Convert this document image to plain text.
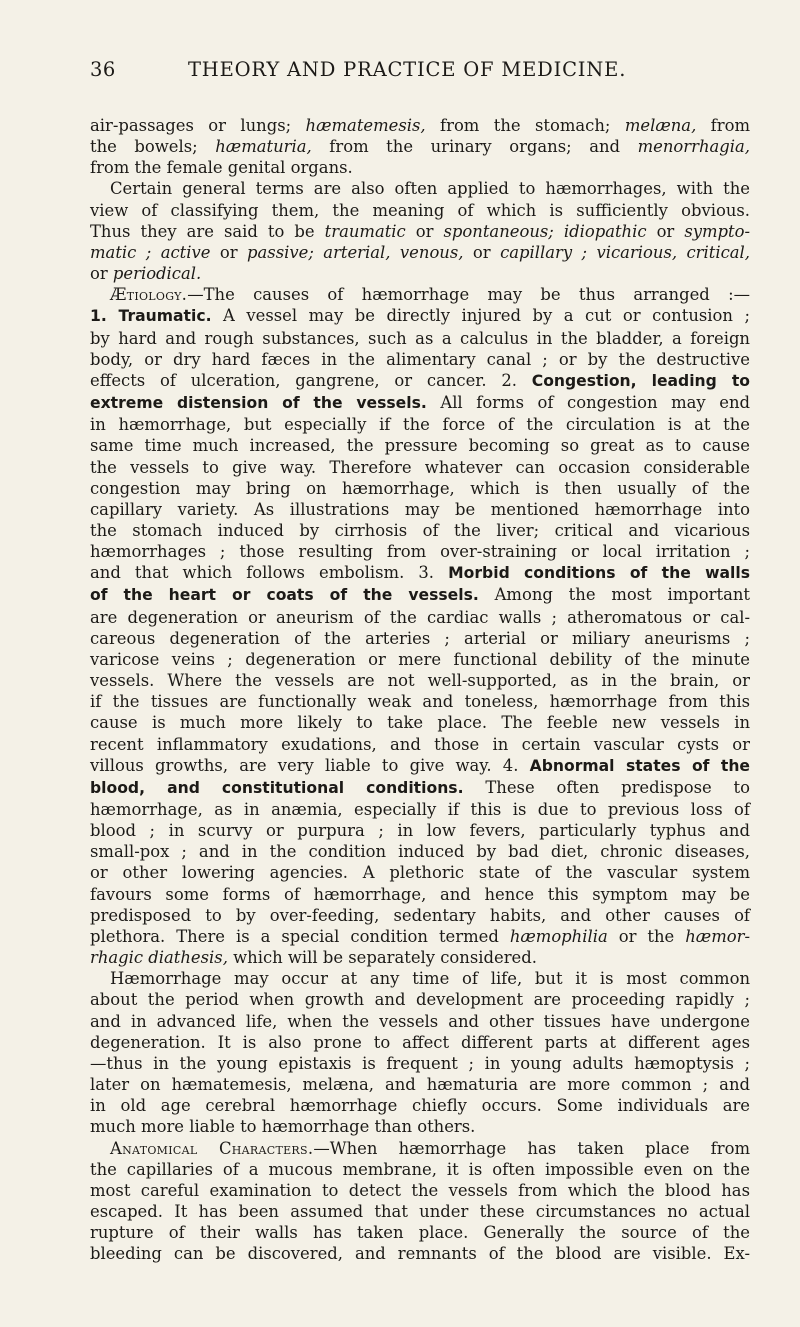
36	THEORY AND PRACTICE OF MEDICINE.
air-passages or lungs; hæmatemesis, from the stomach; melæna, from
the bowels; hæmaturia, from the urinary organs; and menorrhagia,
from the female genital organs.
Certain general terms are also often applied to hæmorrhages, with the
view of classifying them, the meaning of which is sufficiently obvious.
Thus they are said to be traumatic or spontaneous; idiopathic or sympto-
matic ; active or passive; arterial, venous, or capillary ; vicarious, critical,
or periodical.
Ætiology.—The causes of hæmorrhage may be thus arranged :—
1. Traumatic. A vessel may be directly injured by a cut or contusion ;
by hard and rough substances, such as a calculus in the bladder, a foreign
body, or dry hard fæces in the alimentary canal ; or by the destructive
effects of ulceration, gangrene, or cancer. 2. Congestion, leading to
extreme distension of the vessels. All forms of congestion may end
in hæmorrhage, but especially if the force of the circulation is at the
same time much increased, the pressure becoming so great as to cause
the vessels to give way. Therefore whatever can occasion considerable
congestion may bring on hæmorrhage, which is then usually of the
capillary variety. As illustrations may be mentioned hæmorrhage into
the stomach induced by cirrhosis of the liver; critical and vicarious
hæmorrhages ; those resulting from over-straining or local irritation ;
and that which follows embolism. 3. Morbid conditions of the walls
of the heart or coats of the vessels. Among the most important
are degeneration or aneurism of the cardiac walls ; atheromatous or cal-
careous degeneration of the arteries ; arterial or miliary aneurisms ;
varicose veins ; degeneration or mere functional debility of the minute
vessels. Where the vessels are not well-supported, as in the brain, or
if the tissues are functionally weak and toneless, hæmorrhage from this
cause is much more likely to take place. The feeble new vessels in
recent inflammatory exudations, and those in certain vascular cysts or
villous growths, are very liable to give way. 4. Abnormal states of the
blood, and constitutional conditions. These often predispose to
hæmorrhage, as in anæmia, especially if this is due to previous loss of
blood ; in scurvy or purpura ; in low fevers, particularly typhus and
small-pox ; and in the condition induced by bad diet, chronic diseases,
or other lowering agencies. A plethoric state of the vascular system
favours some forms of hæmorrhage, and hence this symptom may be
predisposed to by over-feeding, sedentary habits, and other causes of
plethora. There is a special condition termed hæmophilia or the hæmor-
rhagic diathesis, which will be separately considered.
Hæmorrhage may occur at any time of life, but it is most common
about the period when growth and development are proceeding rapidly ;
and in advanced life, when the vessels and other tissues have undergone
degeneration. It is also prone to affect different parts at different ages
—thus in the young epistaxis is frequent ; in young adults hæmoptysis ;
later on hæmatemesis, melæna, and hæmaturia are more common ; and
in old age cerebral hæmorrhage chiefly occurs. Some individuals are
much more liable to hæmorrhage than others.
Anatomical Characters.—When hæmorrhage has taken place from
the capillaries of a mucous membrane, it is often impossible even on the
most careful examination to detect the vessels from which the blood has
escaped. It has been assumed that under these circumstances no actual
rupture of their walls has taken place. Generally the source of the
bleeding can be discovered, and remnants of the blood are visible. Ex-
